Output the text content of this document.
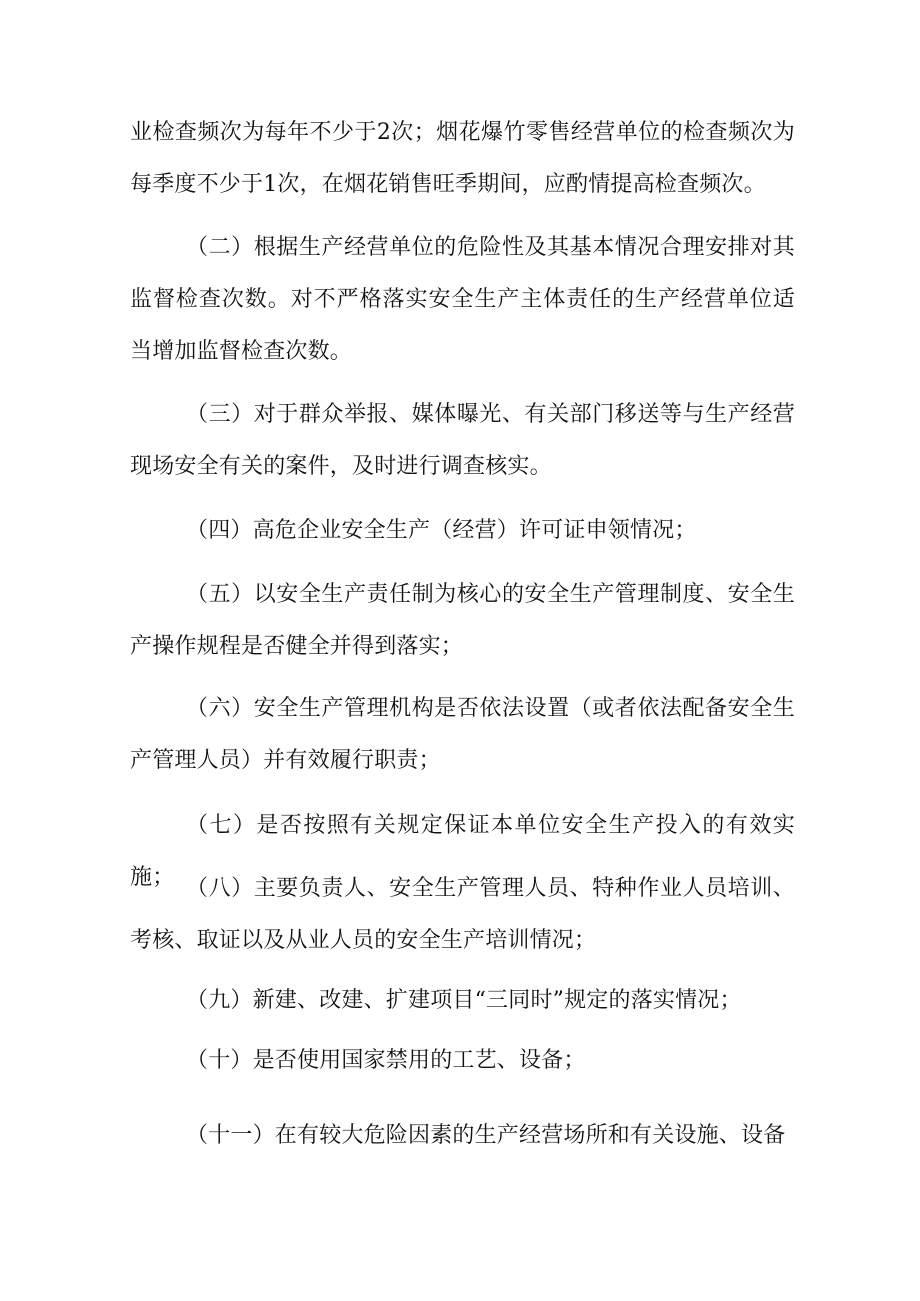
业检查频次为每年不少于2次；烟花爆竹零售经营单位的检查频次为每季度不少于1次，在烟花销售旺季期间，应酌情提高检查频次。

（二）根据生产经营单位的危险性及其基本情况合理安排对其监督检查次数。对不严格落实安全生产主体责任的生产经营单位适当增加监督检查次数。

（三）对于群众举报、媒体曝光、有关部门移送等与生产经营现场安全有关的案件，及时进行调查核实。

（四）高危企业安全生产（经营）许可证申领情况；

（五）以安全生产责任制为核心的安全生产管理制度、安全生产操作规程是否健全并得到落实；

（六）安全生产管理机构是否依法设置（或者依法配备安全生产管理人员）并有效履行职责；

（七）是否按照有关规定保证本单位安全生产投入的有效实施； （八）主要负责人、安全生产管理人员、特种作业人员培训、考核、取证以及从业人员的安全生产培训情况；

（九）新建、改建、扩建项目“三同时”规定的落实情况；

（十）是否使用国家禁用的工艺、设备；

（十一）在有较大危险因素的生产经营场所和有关设施、设备
